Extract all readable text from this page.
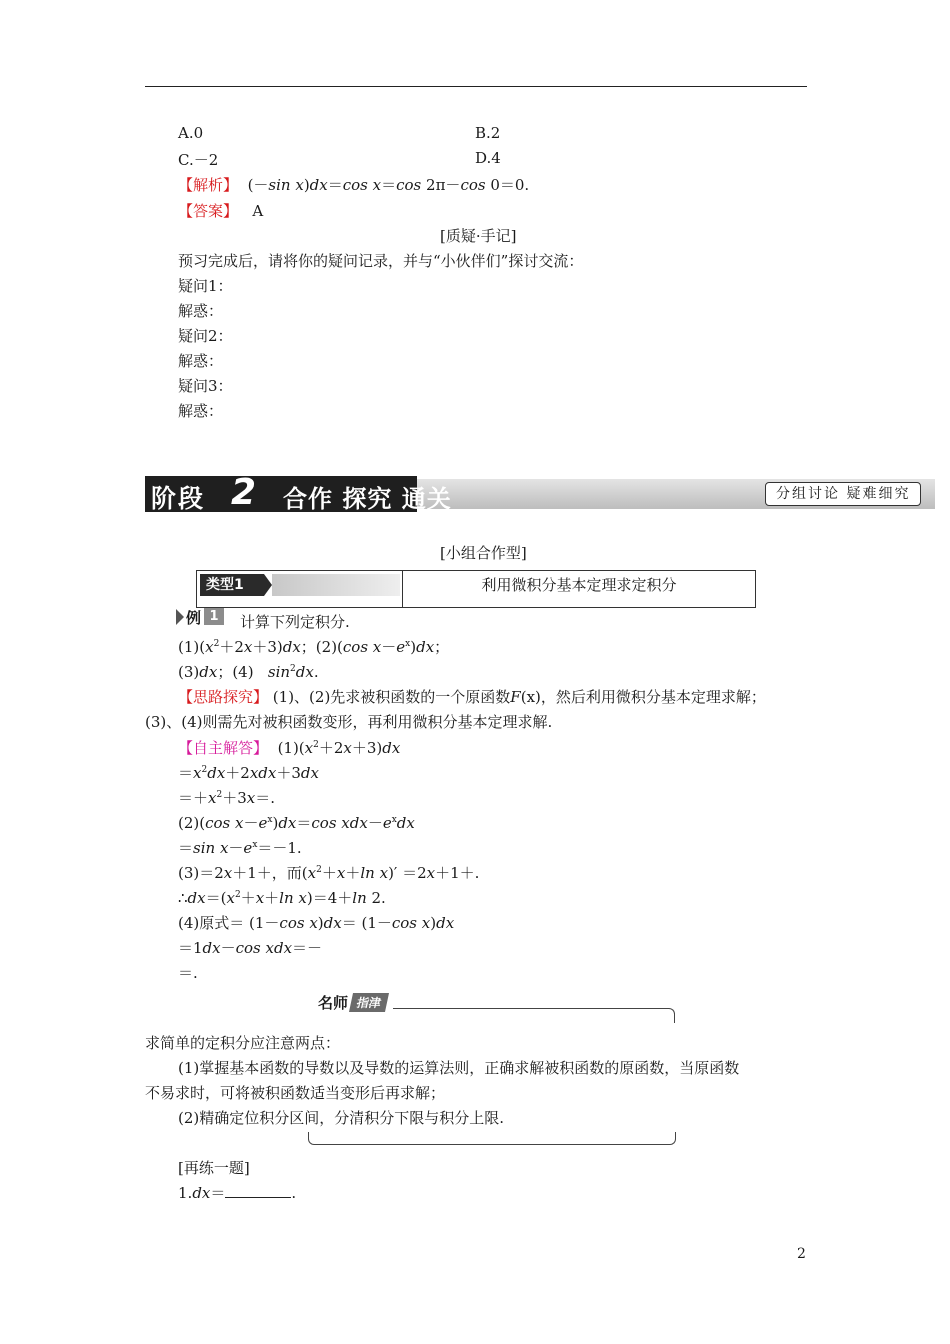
A.0	B.2
C.－2	D.4
【解析】 (－sin x)dx＝cos x＝cos 2π－cos 0＝0.
【答案】 A
[质疑·手记]
预习完成后，请将你的疑问记录，并与“小伙伴们”探讨交流：
疑问1：
解惑：
疑问2：
解惑：
疑问3：
解惑：
阶段 2 合作 探究 通关	分组讨论 疑难细究
[小组合作型]
类型1	利用微积分基本定理求定积分
例 1	计算下列定积分.
$(1)(x^2+2x+3)dx$；(2)(cos $x-e^x)dx$；
(3)dx；(4)   $\sin^2dx$.
【思路探究】 (1)、(2)先求被积函数的一个原函数F(x)，然后利用微积分基本定理求解；
(3)、(4)则需先对被积函数变形，再利用微积分基本定理求解.
【自主解答】 $(1)(x^2+2x+3)dx$
$=x^2dx+2xdx+3dx$
$=+x^2+3x=$.
(2)(cos $x-e^x)dx=\cos$ $xdx-e^xdx$
＝sin $x-e^x=-1$.
(3)＝2x＋1＋，而($x^2+x+\ln$ x)′ ＝2x＋1＋.
$\therefore dx=(x^2+x+\ln$ x)＝4＋ln 2.
(4)原式＝ (1－cos x)dx＝ (1－cos x)dx
＝1dx－cos xdx＝－
＝.
名师 指津
求简单的定积分应注意两点：
(1)掌握基本函数的导数以及导数的运算法则，正确求解被积函数的原函数，当原函数
不易求时，可将被积函数适当变形后再求解；
(2)精确定位积分区间，分清积分下限与积分上限.
[再练一题]
1.dx＝	.
2
